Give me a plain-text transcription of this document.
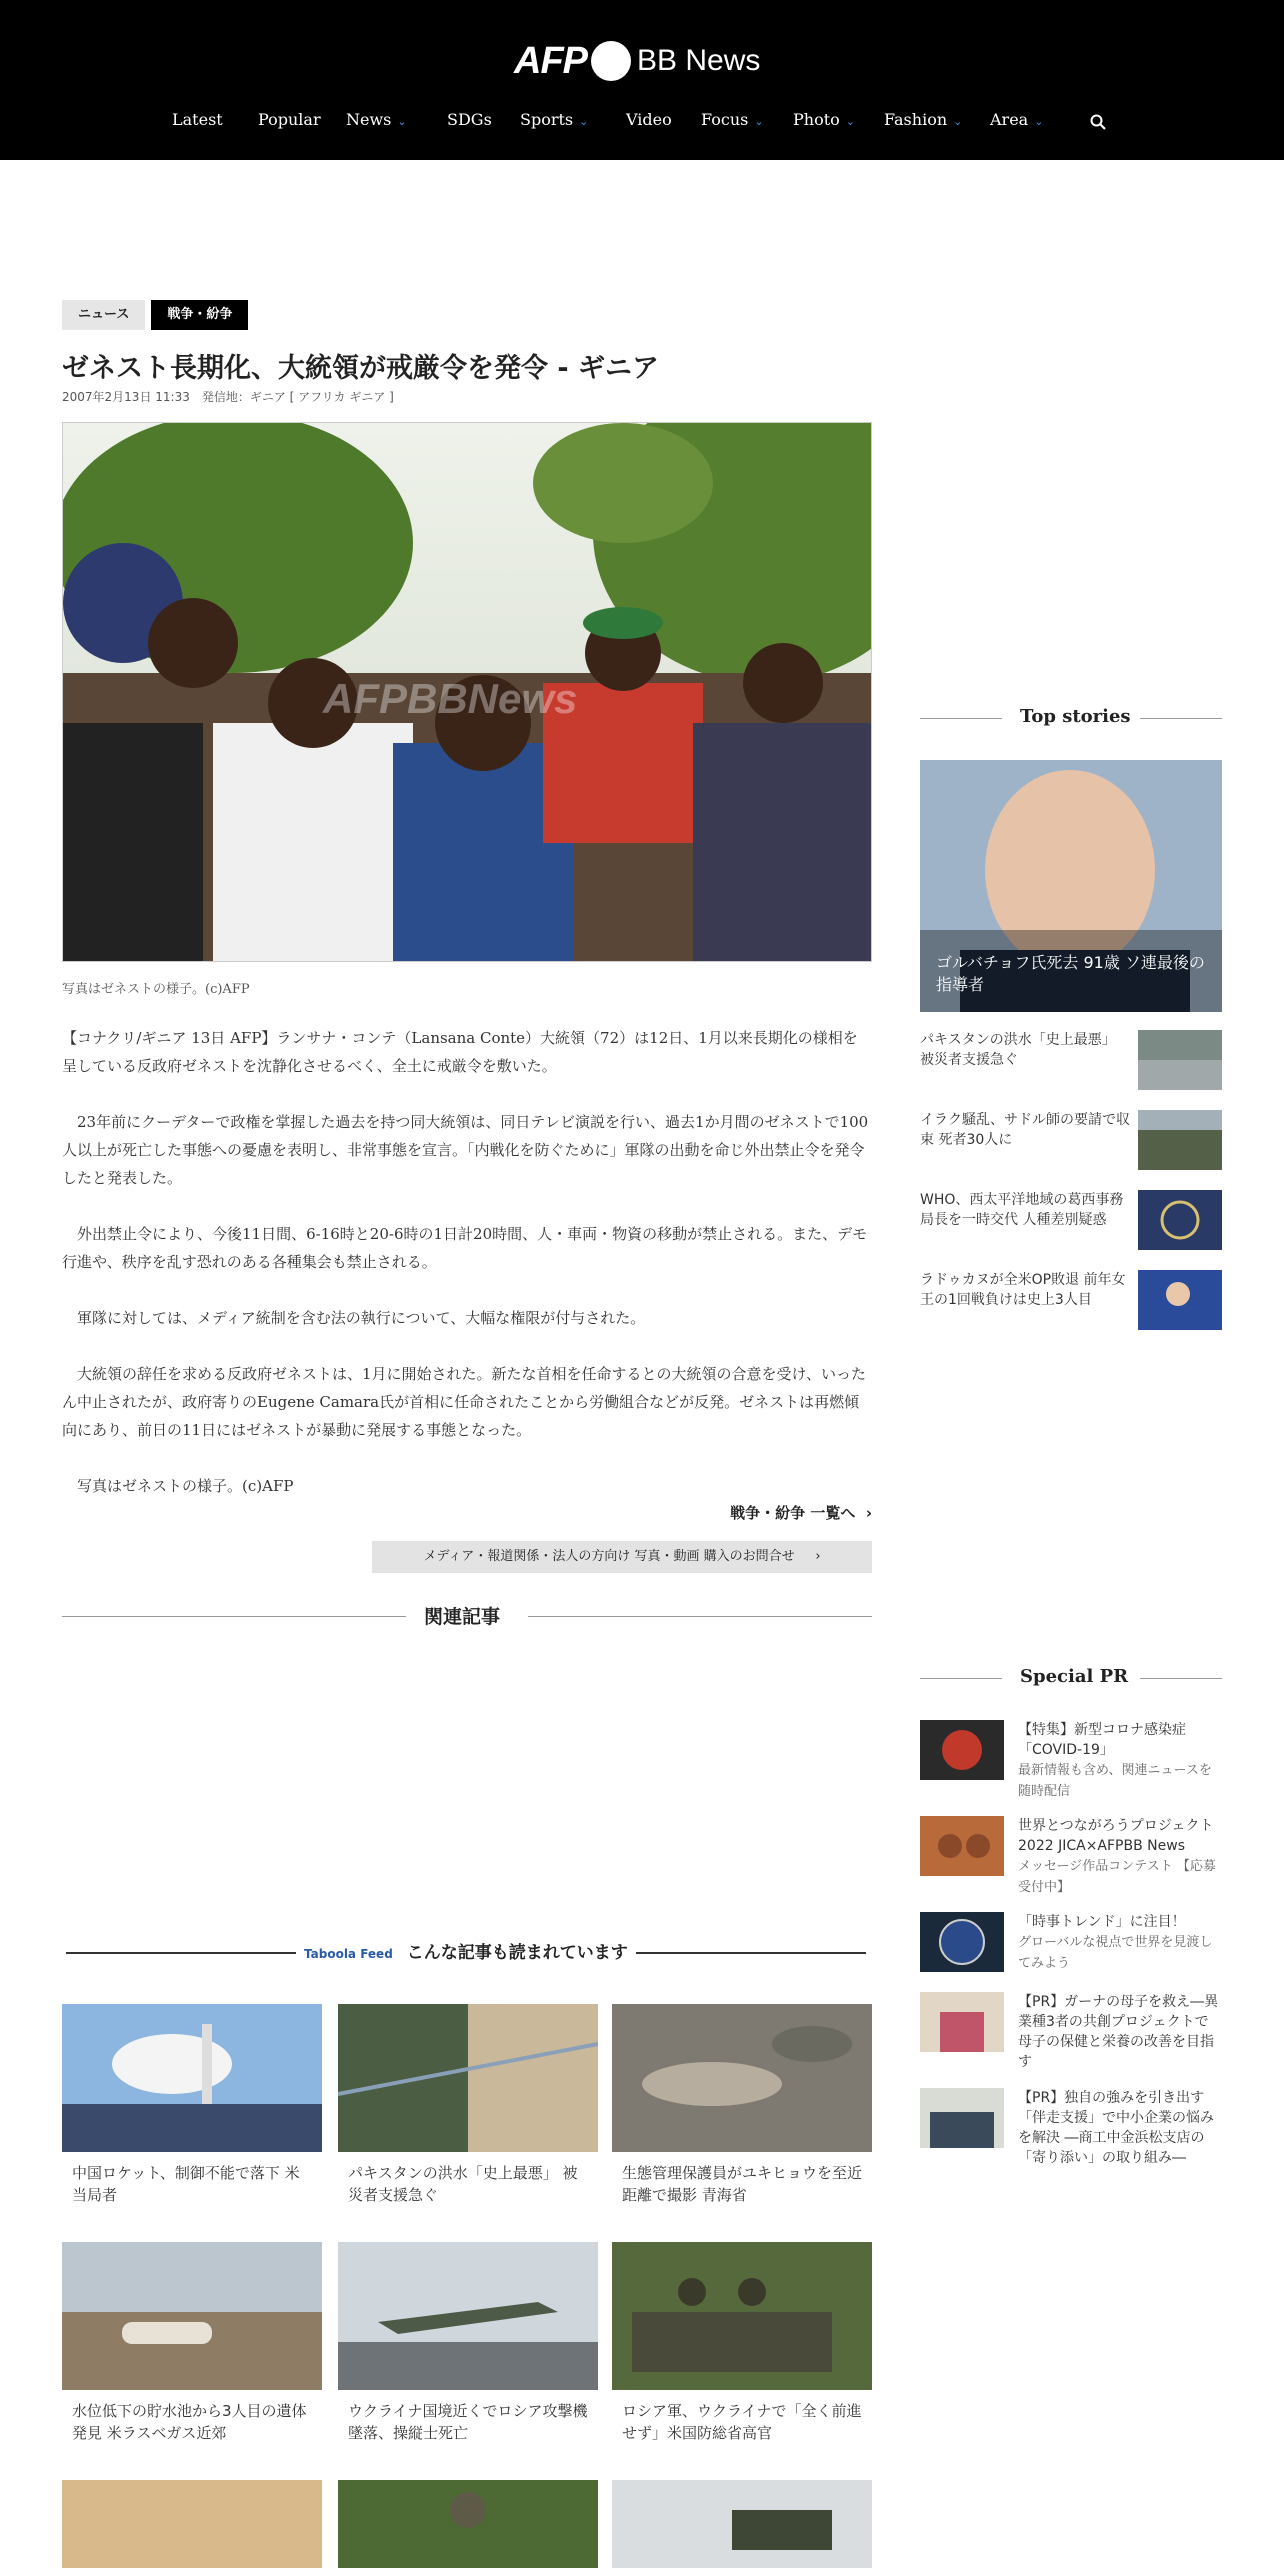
AFP BB News
Latest Popular News ⌄	SDGs Sports ⌄ Video Focus ⌄ Photo ⌄ Fashion ⌄ Area ⌄
ニュース	戦争・紛争
ゼネスト長期化、大統領が戒厳令を発令 - ギニア
2007年2月13日 11:33　発信地：ギニア [ アフリカ ギニア ]
AFPBBNews
写真はゼネストの様子。(c)AFP

【コナクリ/ギニア 13日 AFP】ランサナ・コンテ（Lansana Conte）大統領（72）は12日、1月以来長期化の様相を呈している反政府ゼネストを沈静化させるべく、全土に戒厳令を敷いた。

　23年前にクーデターで政権を掌握した過去を持つ同大統領は、同日テレビ演説を行い、過去1か月間のゼネストで100人以上が死亡した事態への憂慮を表明し、非常事態を宣言。「内戦化を防ぐために」軍隊の出動を命じ外出禁止令を発令したと発表した。

　外出禁止令により、今後11日間、6-16時と20-6時の1日計20時間、人・車両・物資の移動が禁止される。また、デモ行進や、秩序を乱す恐れのある各種集会も禁止される。

　軍隊に対しては、メディア統制を含む法の執行について、大幅な権限が付与された。

　大統領の辞任を求める反政府ゼネストは、1月に開始された。新たな首相を任命するとの大統領の合意を受け、いったん中止されたが、政府寄りのEugene Camara氏が首相に任命されたことから労働組合などが反発。ゼネストは再燃傾向にあり、前日の11日にはゼネストが暴動に発展する事態となった。

　写真はゼネストの様子。(c)AFP

戦争・紛争 一覧へ ›
メディア・報道関係・法人の方向け 写真・動画 購入のお問合せ ›
関連記事
Taboola Feed こんな記事も読まれています
中国ロケット、制御不能で落下 米当局者
パキスタンの洪水「史上最悪」 被災者支援急ぐ
生態管理保護員がユキヒョウを至近距離で撮影 青海省
水位低下の貯水池から3人目の遺体発見 米ラスベガス近郊
ウクライナ国境近くでロシア攻撃機墜落、操縦士死亡
ロシア軍、ウクライナで「全く前進せず」米国防総省高官
Top stories
ゴルバチョフ氏死去 91歳 ソ連最後の指導者
パキスタンの洪水「史上最悪」 被災者支援急ぐ
イラク騒乱、サドル師の要請で収束 死者30人に
WHO、西太平洋地域の葛西事務局長を一時交代 人種差別疑惑
ラドゥカヌが全米OP敗退 前年女王の1回戦負けは史上3人目
Special PR
【特集】新型コロナ感染症「COVID-19」
最新情報も含め、関連ニュースを随時配信
世界とつながろうプロジェクト2022 JICA×AFPBB News
メッセージ作品コンテスト 【応募受付中】
「時事トレンド」に注目！
グローバルな視点で世界を見渡してみよう
【PR】ガーナの母子を救え―異業種3者の共創プロジェクトで母子の保健と栄養の改善を目指す
【PR】独自の強みを引き出す「伴走支援」で中小企業の悩みを解決 ―商工中金浜松支店の「寄り添い」の取り組み―
